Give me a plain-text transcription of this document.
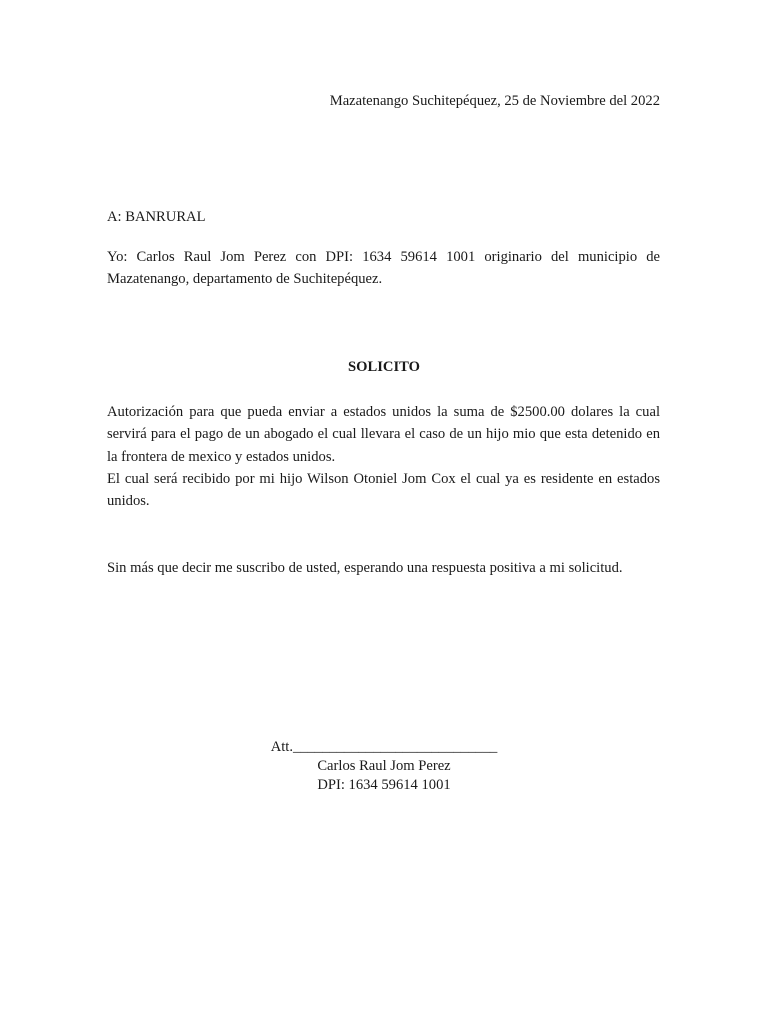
Mazatenango Suchitepéquez, 25 de Noviembre del 2022
A: BANRURAL
Yo: Carlos Raul Jom Perez con DPI: 1634 59614 1001 originario del municipio de Mazatenango, departamento de Suchitepéquez.
SOLICITO
Autorización para que pueda enviar a estados unidos la suma de $2500.00 dolares la cual servirá para el pago de un abogado el cual llevara el caso de un hijo mio que esta detenido en la frontera de mexico y estados unidos.
El cual será recibido por mi hijo Wilson Otoniel Jom Cox el cual ya es residente en estados unidos.
Sin más que decir me suscribo de usted, esperando una respuesta positiva a mi solicitud.
Att.____________________________
Carlos Raul Jom Perez
DPI: 1634 59614 1001
